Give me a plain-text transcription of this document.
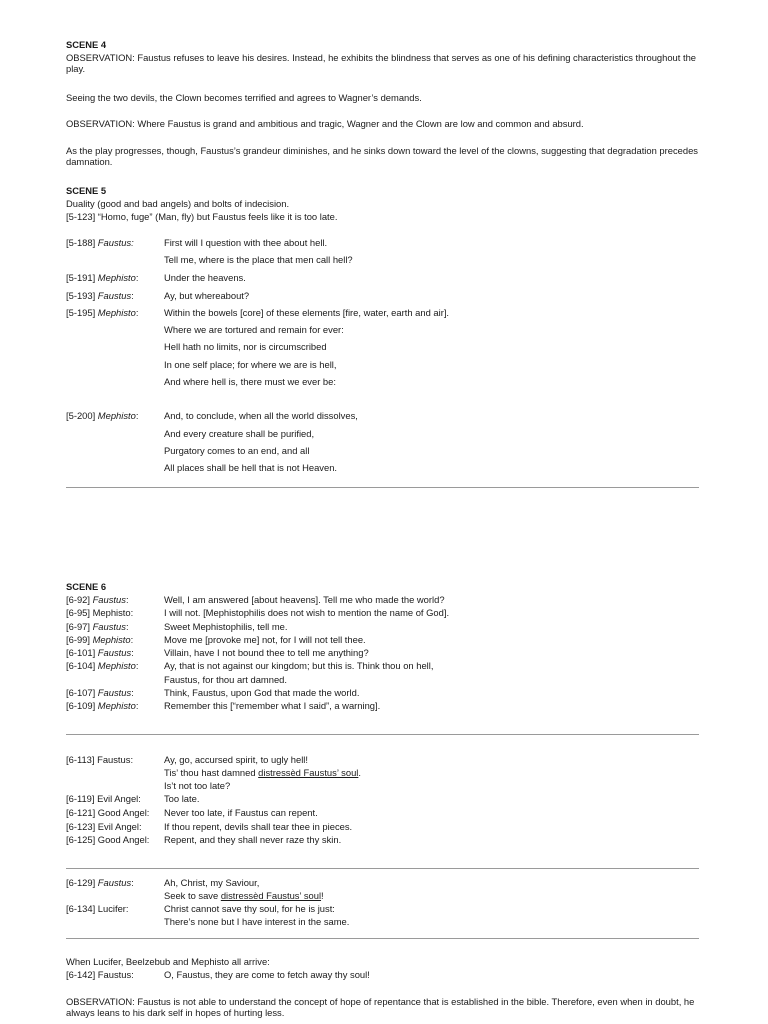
SCENE 4
OBSERVATION: Faustus refuses to leave his desires. Instead, he exhibits the blindness that serves as one of his defining characteristics throughout the play.
Seeing the two devils, the Clown becomes terrified and agrees to Wagner’s demands.
OBSERVATION: Where Faustus is grand and ambitious and tragic, Wagner and the Clown are low and common and absurd.
As the play progresses, though, Faustus’s grandeur diminishes, and he sinks down toward the level of the clowns, suggesting that degradation precedes damnation.
SCENE 5
Duality (good and bad angels) and bolts of indecision.
[5-123] “Homo, fuge” (Man, fly) but Faustus feels like it is too late.
[5-188] Faustus:	First will I question with thee about hell.
Tell me, where is the place that men call hell?
[5-191] Mephisto:	Under the heavens.
[5-193] Faustus:	Ay, but whereabout?
[5-195] Mephisto:	Within the bowels [core] of these elements [fire, water, earth and air].
Where we are tortured and remain for ever:
Hell hath no limits, nor is circumscribed
In one self place; for where we are is hell,
And where hell is, there must we ever be:
[5-200] Mephisto:	And, to conclude, when all the world dissolves,
And every creature shall be purified,
Purgatory comes to an end, and all
All places shall be hell that is not Heaven.
SCENE 6
[6-92] Faustus:	Well, I am answered [about heavens]. Tell me who made the world?
[6-95] Mephisto:	I will not. [Mephistophilis does not wish to mention the name of God].
[6-97] Faustus:	Sweet Mephistophilis, tell me.
[6-99] Mephisto:	Move me [provoke me] not, for I will not tell thee.
[6-101] Faustus:	Villain, have I not bound thee to tell me anything?
[6-104] Mephisto:	Ay, that is not against our kingdom; but this is. Think thou on hell,
Faustus, for thou art damned.
[6-107] Faustus:	Think, Faustus, upon God that made the world.
[6-109] Mephisto:	Remember this [“remember what I said”, a warning].
[6-113] Faustus:	Ay, go, accursed spirit, to ugly hell!
Tis’ thou hast damned distressèd Faustus’ soul.
Is’t not too late?
[6-119] Evil Angel: Too late.
[6-121] Good Angel: Never too late, if Faustus can repent.
[6-123] Evil Angel: If thou repent, devils shall tear thee in pieces.
[6-125] Good Angel: Repent, and they shall never raze thy skin.
[6-129] Faustus:	Ah, Christ, my Saviour,
Seek to save distressèd Faustus’ soul!
[6-134] Lucifer:	Christ cannot save thy soul, for he is just:
There’s none but I have interest in the same.
When Lucifer, Beelzebub and Mephisto all arrive:
[6-142] Faustus:	O, Faustus, they are come to fetch away thy soul!
OBSERVATION: Faustus is not able to understand the concept of hope of repentance that is established in the bible. Therefore, even when in doubt, he always leans to his dark self in hopes of hurting less.
